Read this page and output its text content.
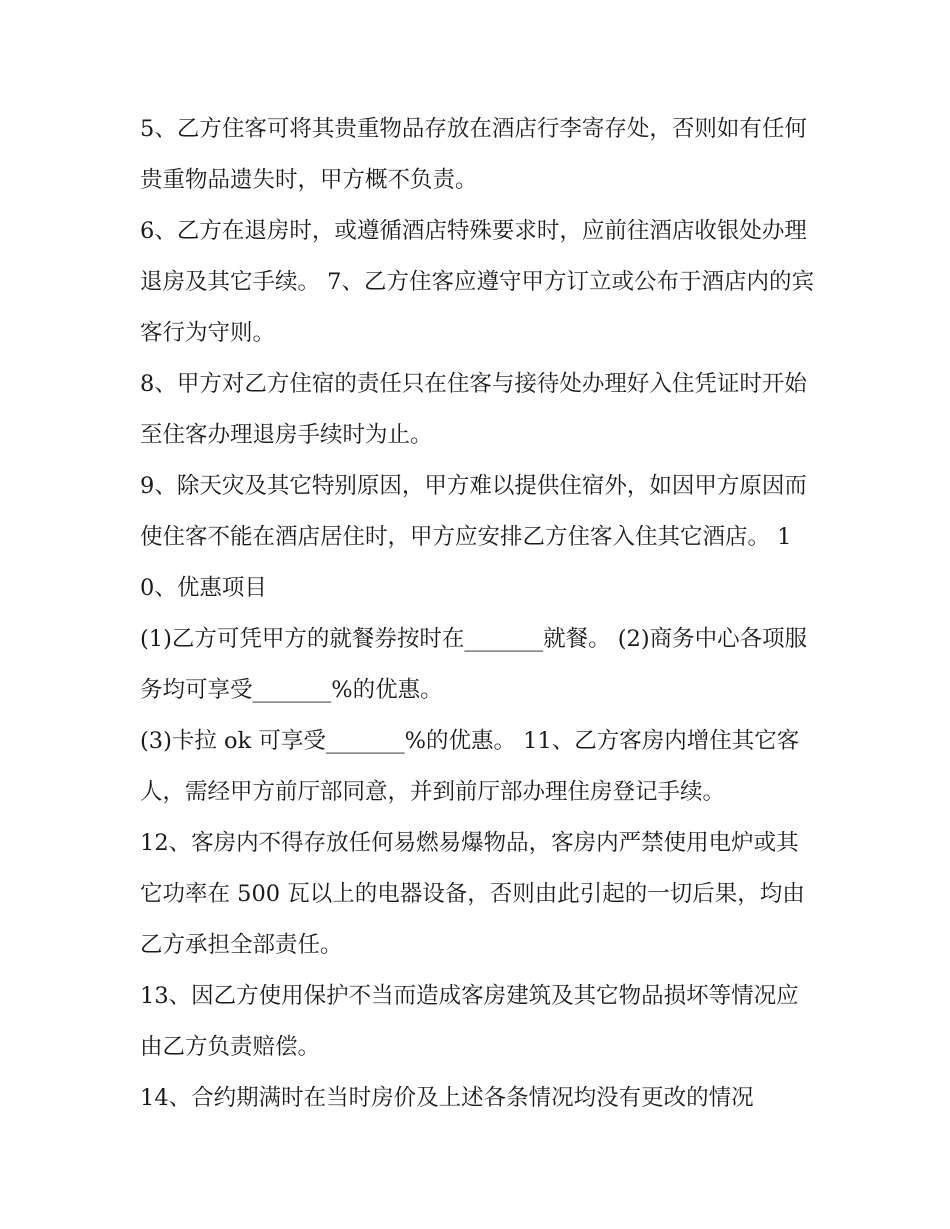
5、乙方住客可将其贵重物品存放在酒店行李寄存处，否则如有任何贵重物品遗失时，甲方概不负责。

6、乙方在退房时，或遵循酒店特殊要求时，应前往酒店收银处办理退房及其它手续。 7、乙方住客应遵守甲方订立或公布于酒店内的宾客行为守则。

8、甲方对乙方住宿的责任只在住客与接待处办理好入住凭证时开始至住客办理退房手续时为止。

9、除天灾及其它特别原因，甲方难以提供住宿外，如因甲方原因而使住客不能在酒店居住时，甲方应安排乙方住客入住其它酒店。 10、优惠项目

(1)乙方可凭甲方的就餐券按时在_______就餐。 (2)商务中心各项服务均可享受_______%的优惠。

(3)卡拉 ok 可享受_______%的优惠。 11、乙方客房内增住其它客人，需经甲方前厅部同意，并到前厅部办理住房登记手续。

12、客房内不得存放任何易燃易爆物品，客房内严禁使用电炉或其它功率在 500 瓦以上的电器设备，否则由此引起的一切后果，均由乙方承担全部责任。

13、因乙方使用保护不当而造成客房建筑及其它物品损坏等情况应由乙方负责赔偿。

14、合约期满时在当时房价及上述各条情况均没有更改的情况
